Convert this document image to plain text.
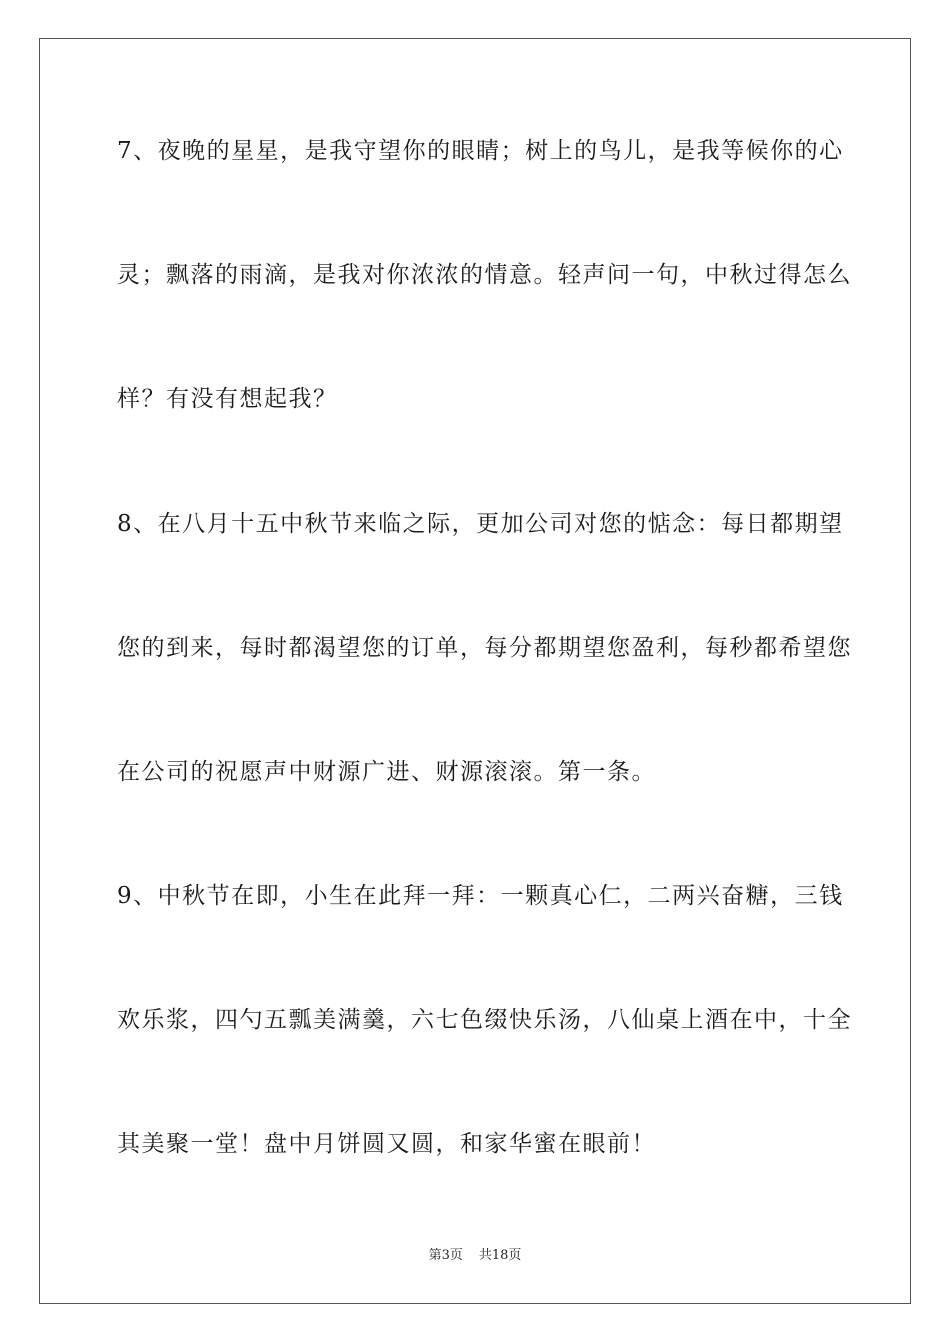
7、夜晚的星星，是我守望你的眼睛；树上的鸟儿，是我等候你的心
灵；飘落的雨滴，是我对你浓浓的情意。轻声问一句，中秋过得怎么
样？有没有想起我？
8、在八月十五中秋节来临之际，更加公司对您的惦念：每日都期望
您的到来，每时都渴望您的订单，每分都期望您盈利，每秒都希望您
在公司的祝愿声中财源广进、财源滚滚。第一条。
9、中秋节在即，小生在此拜一拜：一颗真心仁，二两兴奋糖，三钱
欢乐浆，四勺五瓢美满羹，六七色缀快乐汤，八仙桌上酒在中，十全
其美聚一堂！盘中月饼圆又圆，和家华蜜在眼前！
第3页 共18页
